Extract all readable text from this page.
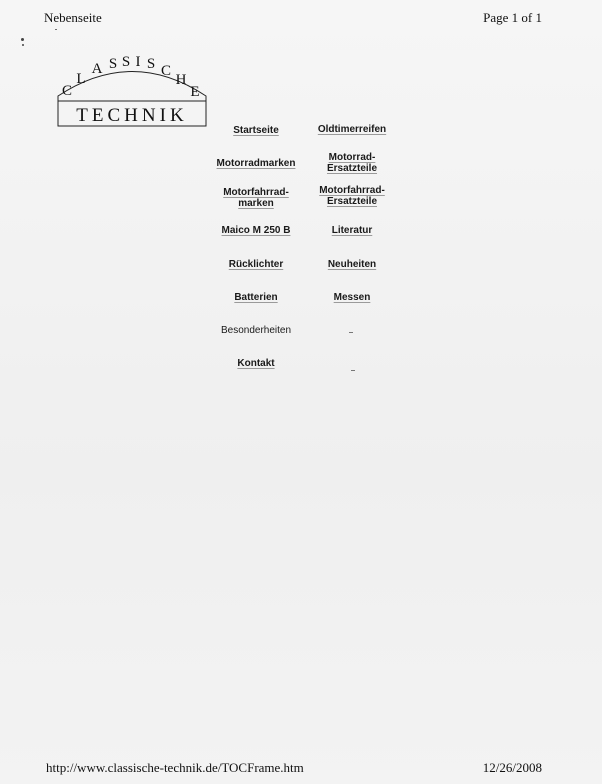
Nebenseite	Page 1 of 1
C
L
A S S I S C
H
E
TECHNIK
Startseite
Motorradmarken
Motorfahrrad-
marken
Maico M 250 B
Rücklichter
Batterien
Besonderheiten
Kontakt
Oldtimerreifen
Motorrad-
Ersatzteile
Motorfahrrad-
Ersatzteile
Literatur
Neuheiten
Messen
http://www.classische-technik.de/TOCFrame.htm	12/26/2008
